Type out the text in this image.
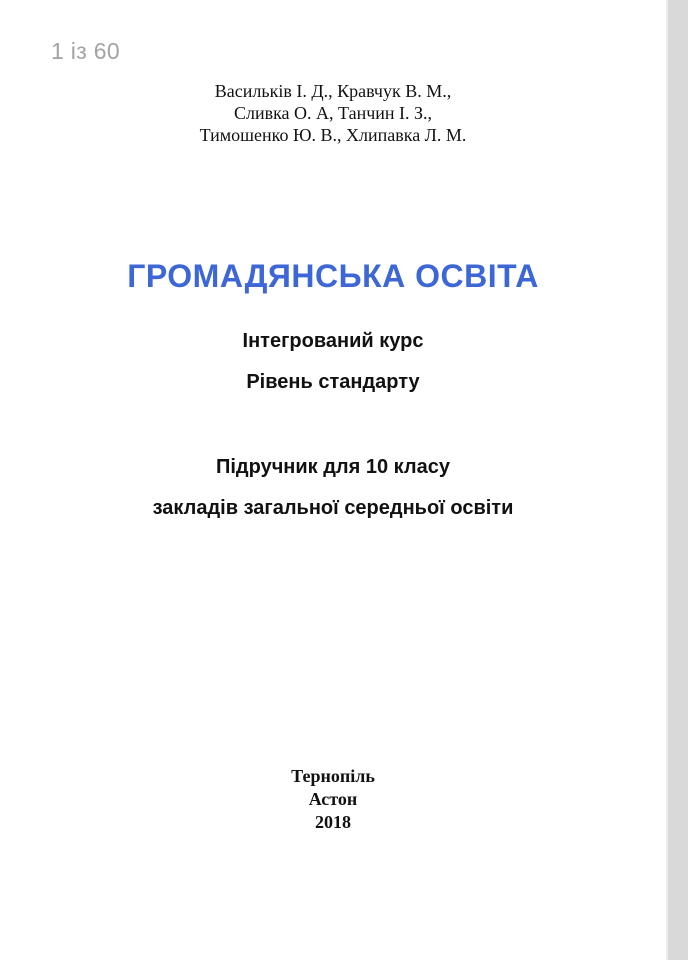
1 із 60
Васильків І. Д., Кравчук В. М.,
Сливка О. А, Танчин І. З.,
Тимошенко Ю. В., Хлипавка Л. М.
ГРОМАДЯНСЬКА ОСВІТА
Інтегрований курс
Рівень стандарту
Підручник для 10 класу
закладів загальної середньої освіти
Тернопіль
Астон
2018
